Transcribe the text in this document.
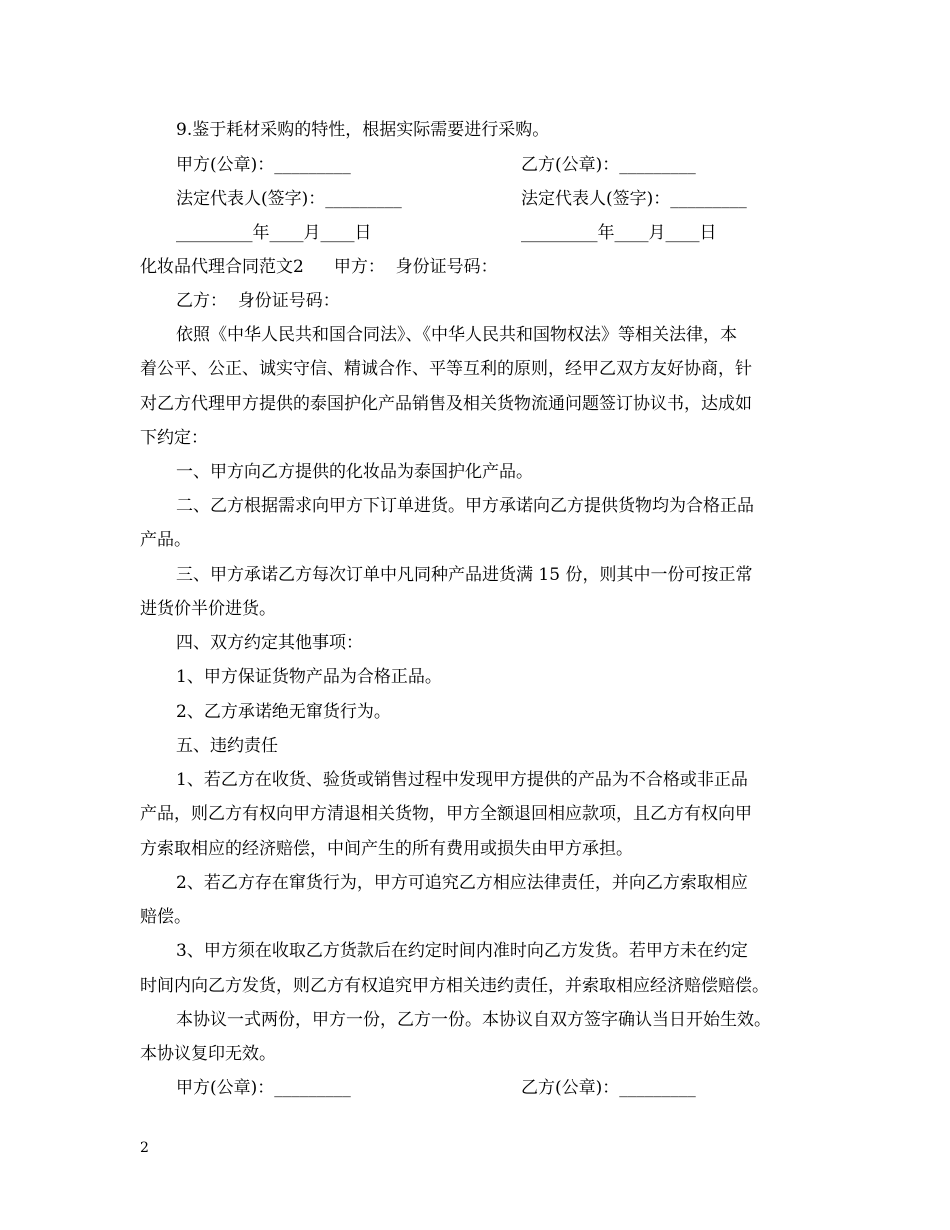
9.鉴于耗材采购的特性，根据实际需要进行采购。
甲方(公章)：_________	乙方(公章)：_________
法定代表人(签字)：_________	法定代表人(签字)：_________
_________年____月____日	_________年____月____日
化妆品代理合同范文2 甲方： 身份证号码：
乙方： 身份证号码：
依照《中华人民共和国合同法》、《中华人民共和国物权法》等相关法律，本
着公平、公正、诚实守信、精诚合作、平等互利的原则，经甲乙双方友好协商，针
对乙方代理甲方提供的泰国护化产品销售及相关货物流通问题签订协议书，达成如
下约定：
一、甲方向乙方提供的化妆品为泰国护化产品。
二、乙方根据需求向甲方下订单进货。甲方承诺向乙方提供货物均为合格正品
产品。
三、甲方承诺乙方每次订单中凡同种产品进货满 15 份，则其中一份可按正常
进货价半价进货。
四、双方约定其他事项：
1、甲方保证货物产品为合格正品。
2、乙方承诺绝无窜货行为。
五、违约责任
1、若乙方在收货、验货或销售过程中发现甲方提供的产品为不合格或非正品
产品，则乙方有权向甲方清退相关货物，甲方全额退回相应款项，且乙方有权向甲
方索取相应的经济赔偿，中间产生的所有费用或损失由甲方承担。
2、若乙方存在窜货行为，甲方可追究乙方相应法律责任，并向乙方索取相应
赔偿。
3、甲方须在收取乙方货款后在约定时间内准时向乙方发货。若甲方未在约定
时间内向乙方发货，则乙方有权追究甲方相关违约责任，并索取相应经济赔偿赔偿。
本协议一式两份，甲方一份，乙方一份。本协议自双方签字确认当日开始生效。
本协议复印无效。
甲方(公章)：_________	乙方(公章)：_________
2
